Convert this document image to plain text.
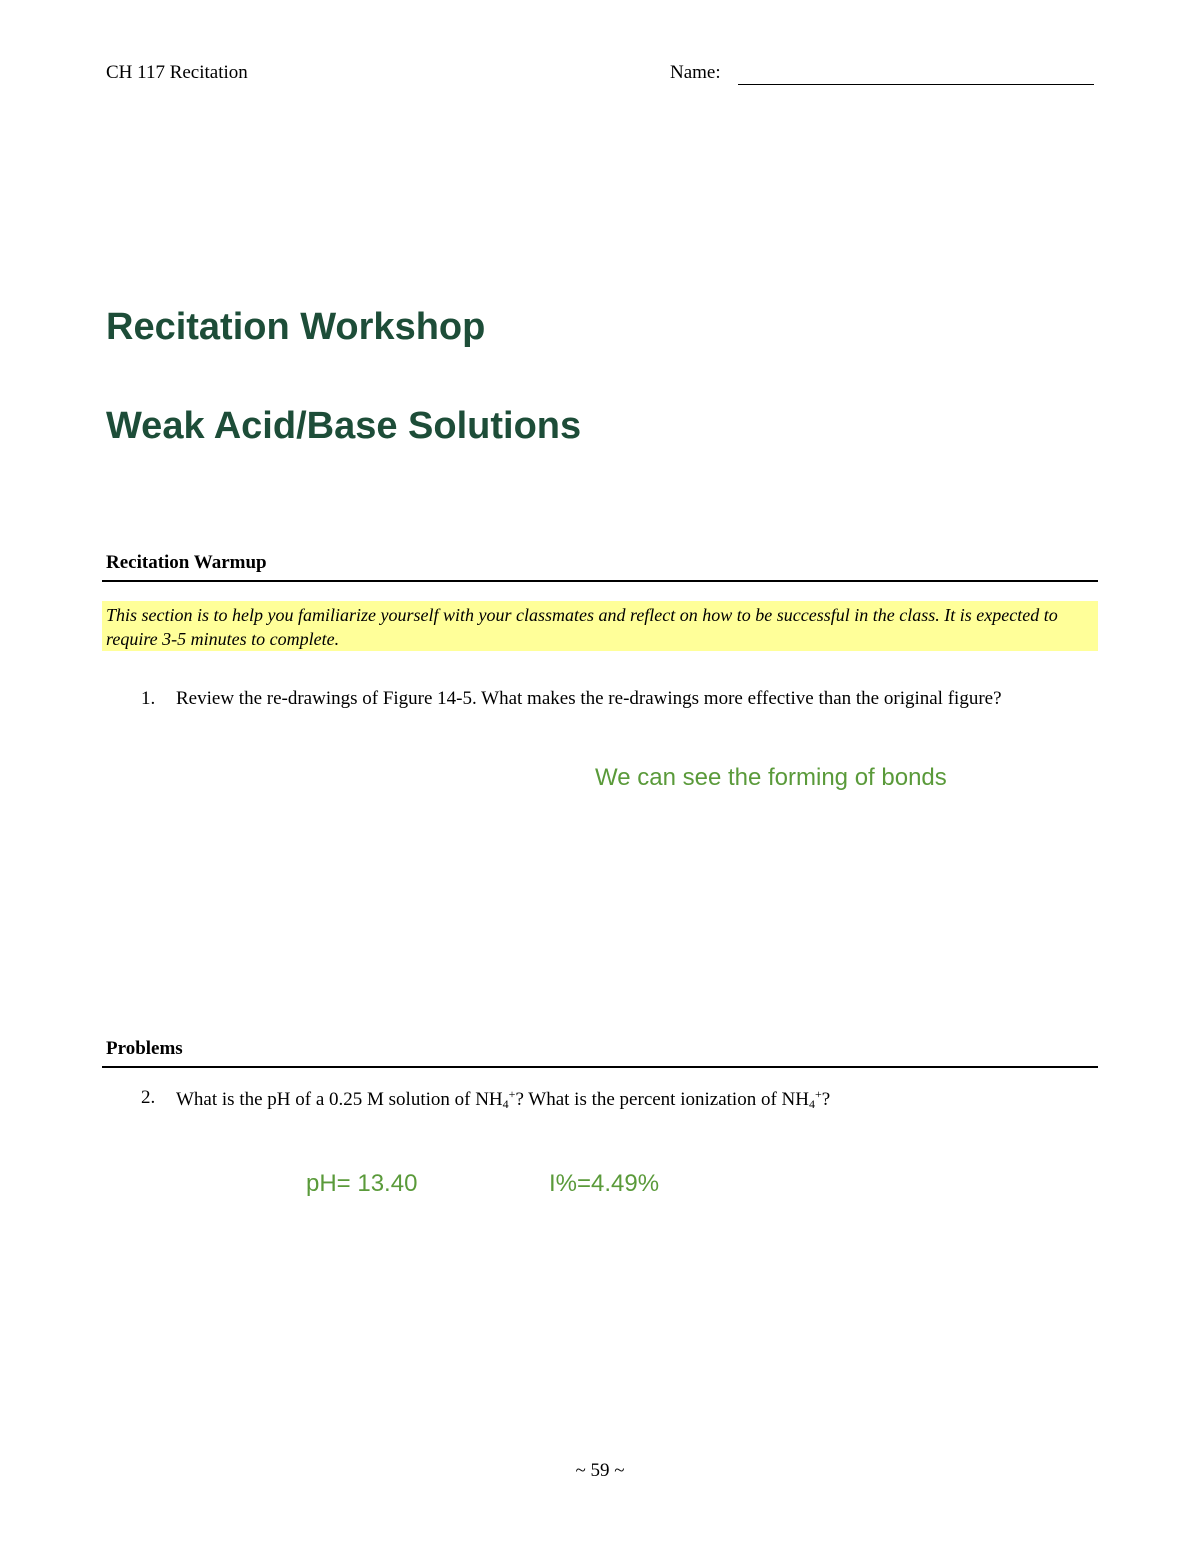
CH 117 Recitation	Name:
Recitation Workshop
Weak Acid/Base Solutions
Recitation Warmup
This section is to help you familiarize yourself with your classmates and reflect on how to be successful in the class. It is expected to require 3-5 minutes to complete.
1. Review the re-drawings of Figure 14-5. What makes the re-drawings more effective than the original figure?
We can see the forming of bonds
Problems
2. What is the pH of a 0.25 M solution of $NH_4^+$? What is the percent ionization of $NH_4^+$?
pH= 13.40	I%=4.49%
~ 59 ~
